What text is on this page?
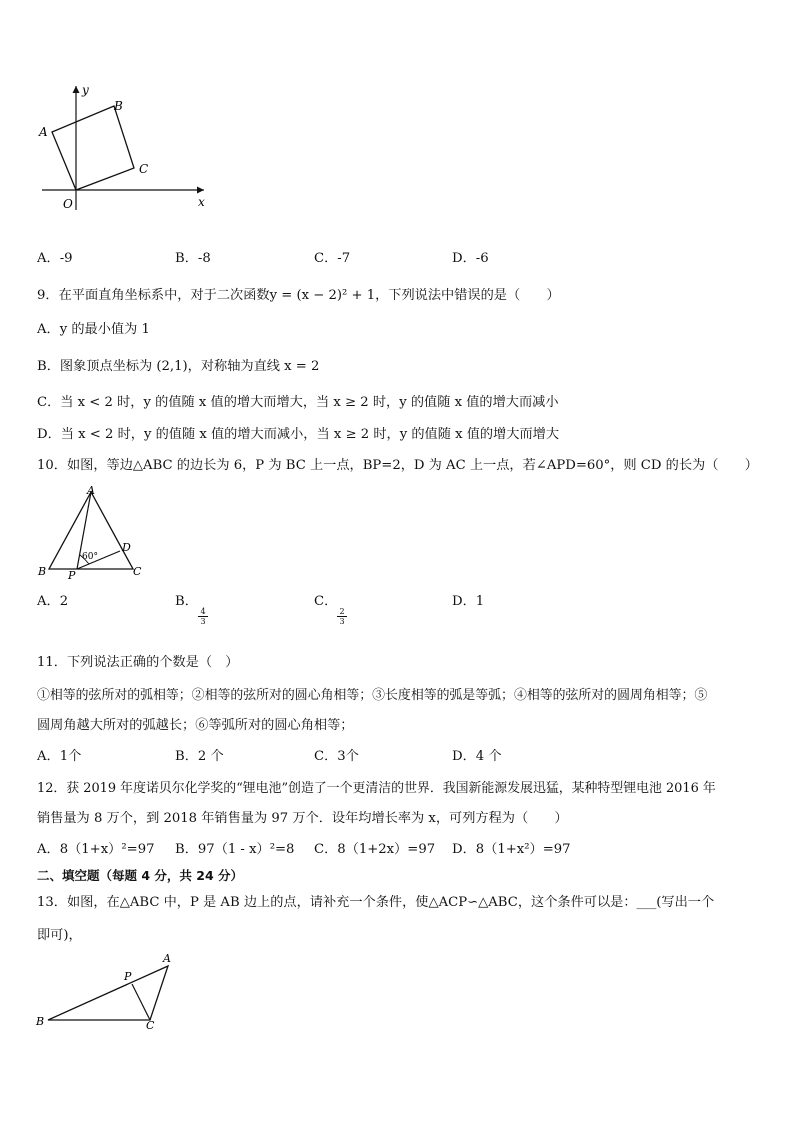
y
x
O
A
B
C
A．-9	B．-8	C．-7	D．-6
9．在平面直角坐标系中，对于二次函数y = (x − 2)² + 1，下列说法中错误的是（　　）
A．y 的最小值为 1
B．图象顶点坐标为 (2,1)，对称轴为直线 x = 2
C．当 x < 2 时，y 的值随 x 值的增大而增大，当 x ≥ 2 时，y 的值随 x 值的增大而减小
D．当 x < 2 时，y 的值随 x 值的增大而减小，当 x ≥ 2 时，y 的值随 x 值的增大而增大
10．如图，等边△ABC 的边长为 6，P 为 BC 上一点，BP=2，D 为 AC 上一点，若∠APD=60°，则 CD 的长为（　　）
A
B	C
D
P
60°
A．2	B．
$\frac{4}{3}$
C．
$\frac{2}{3}$
D．1
11．下列说法正确的个数是（　）
①相等的弦所对的弧相等；②相等的弦所对的圆心角相等；③长度相等的弧是等弧；④相等的弦所对的圆周角相等；⑤
圆周角越大所对的弧越长；⑥等弧所对的圆心角相等；
A．1个	B．2 个	C．3个	D．4 个
12．获 2019 年度诺贝尔化学奖的“锂电池”创造了一个更清洁的世界．我国新能源发展迅猛，某种特型锂电池 2016 年
销售量为 8 万个，到 2018 年销售量为 97 万个．设年均增长率为 x，可列方程为（　　）
A．8（1+x）²=97 B．97（1 - x）²=8 C．8（1+2x）=97 D．8（1+x²）=97
二、填空题（每题 4 分，共 24 分）
13．如图，在△ABC 中，P 是 AB 边上的点，请补充一个条件，使△ACP∽△ABC，这个条件可以是：___(写出一个
即可)，
A
B	C
P
